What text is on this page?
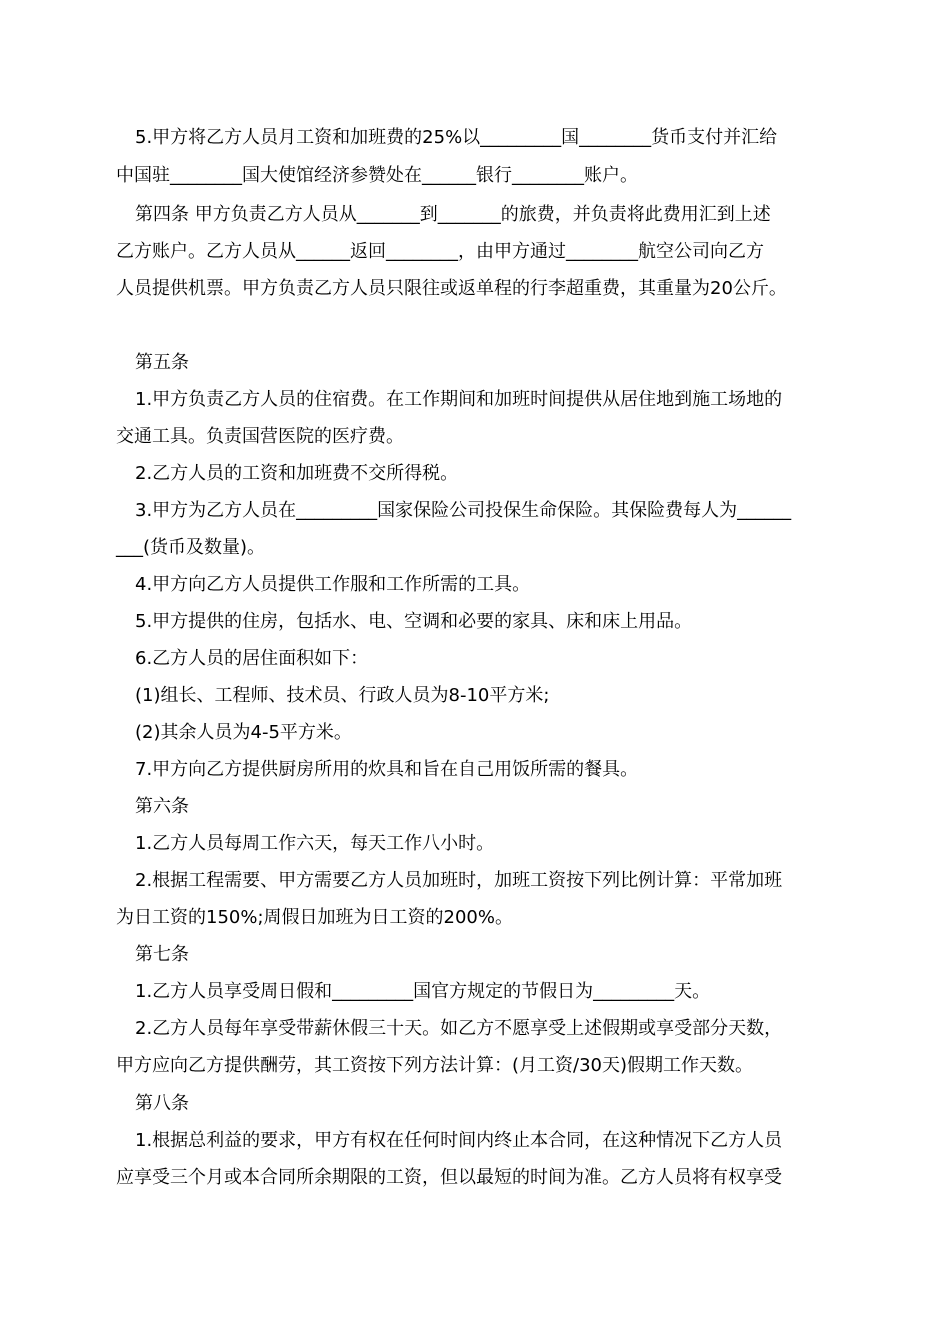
5.甲方将乙方人员月工资和加班费的25%以_________国________货币支付并汇给
中国驻________国大使馆经济参赞处在______银行________账户。
第四条 甲方负责乙方人员从_______到_______的旅费，并负责将此费用汇到上述
乙方账户。乙方人员从______返回________，由甲方通过________航空公司向乙方
人员提供机票。甲方负责乙方人员只限往或返单程的行李超重费，其重量为20公斤。
第五条
1.甲方负责乙方人员的住宿费。在工作期间和加班时间提供从居住地到施工场地的
交通工具。负责国营医院的医疗费。
2.乙方人员的工资和加班费不交所得税。
3.甲方为乙方人员在_________国家保险公司投保生命保险。其保险费每人为______
___(货币及数量)。
4.甲方向乙方人员提供工作服和工作所需的工具。
5.甲方提供的住房，包括水、电、空调和必要的家具、床和床上用品。
6.乙方人员的居住面积如下：
(1)组长、工程师、技术员、行政人员为8-10平方米;
(2)其余人员为4-5平方米。
7.甲方向乙方提供厨房所用的炊具和旨在自己用饭所需的餐具。
第六条
1.乙方人员每周工作六天，每天工作八小时。
2.根据工程需要、甲方需要乙方人员加班时，加班工资按下列比例计算：平常加班
为日工资的150%;周假日加班为日工资的200%。
第七条
1.乙方人员享受周日假和_________国官方规定的节假日为_________天。
2.乙方人员每年享受带薪休假三十天。如乙方不愿享受上述假期或享受部分天数，
甲方应向乙方提供酬劳，其工资按下列方法计算：(月工资/30天)假期工作天数。
第八条
1.根据总利益的要求，甲方有权在任何时间内终止本合同，在这种情况下乙方人员
应享受三个月或本合同所余期限的工资，但以最短的时间为准。乙方人员将有权享受
